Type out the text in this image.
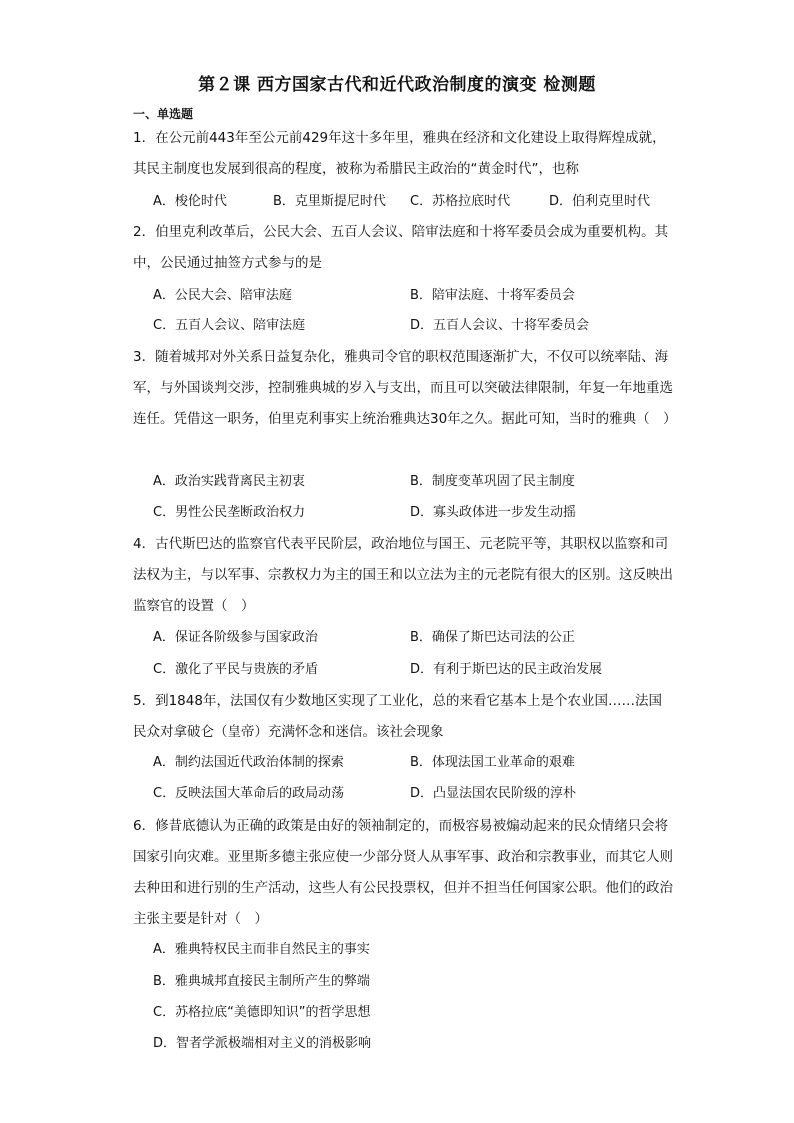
第２课 西方国家古代和近代政治制度的演变 检测题
一、单选题
1．在公元前443年至公元前429年这十多年里，雅典在经济和文化建设上取得辉煌成就，其民主制度也发展到很高的程度，被称为希腊民主政治的“黄金时代”，也称
A．梭伦时代	B．克里斯提尼时代 C．苏格拉底时代	D．伯利克里时代
2．伯里克利改革后，公民大会、五百人会议、陪审法庭和十将军委员会成为重要机构。其中，公民通过抽签方式参与的是
A．公民大会、陪审法庭	B．陪审法庭、十将军委员会
C．五百人会议、陪审法庭	D．五百人会议、十将军委员会
3．随着城邦对外关系日益复杂化，雅典司令官的职权范围逐渐扩大，不仅可以统率陆、海军，与外国谈判交涉，控制雅典城的岁入与支出，而且可以突破法律限制，年复一年地重选连任。凭借这一职务，伯里克利事实上统治雅典达30年之久。据此可知，当时的雅典（　）
A．政治实践背离民主初衷	B．制度变革巩固了民主制度
C．男性公民垄断政治权力	D．寡头政体进一步发生动摇
4．古代斯巴达的监察官代表平民阶层，政治地位与国王、元老院平等，其职权以监察和司法权为主，与以军事、宗教权力为主的国王和以立法为主的元老院有很大的区别。这反映出监察官的设置（　）
A．保证各阶级参与国家政治	B．确保了斯巴达司法的公正
C．激化了平民与贵族的矛盾	D．有利于斯巴达的民主政治发展
5．到1848年，法国仅有少数地区实现了工业化，总的来看它基本上是个农业国……法国民众对拿破仑（皇帝）充满怀念和迷信。该社会现象
A．制约法国近代政治体制的探索	B．体现法国工业革命的艰难
C．反映法国大革命后的政局动荡	D．凸显法国农民阶级的淳朴
6．修昔底德认为正确的政策是由好的领袖制定的，而极容易被煽动起来的民众情绪只会将国家引向灾难。亚里斯多德主张应使一少部分贤人从事军事、政治和宗教事业，而其它人则去种田和进行别的生产活动，这些人有公民投票权，但并不担当任何国家公职。他们的政治主张主要是针对（　）
A．雅典特权民主而非自然民主的事实
B．雅典城邦直接民主制所产生的弊端
C．苏格拉底“美德即知识”的哲学思想
D．智者学派极端相对主义的消极影响
